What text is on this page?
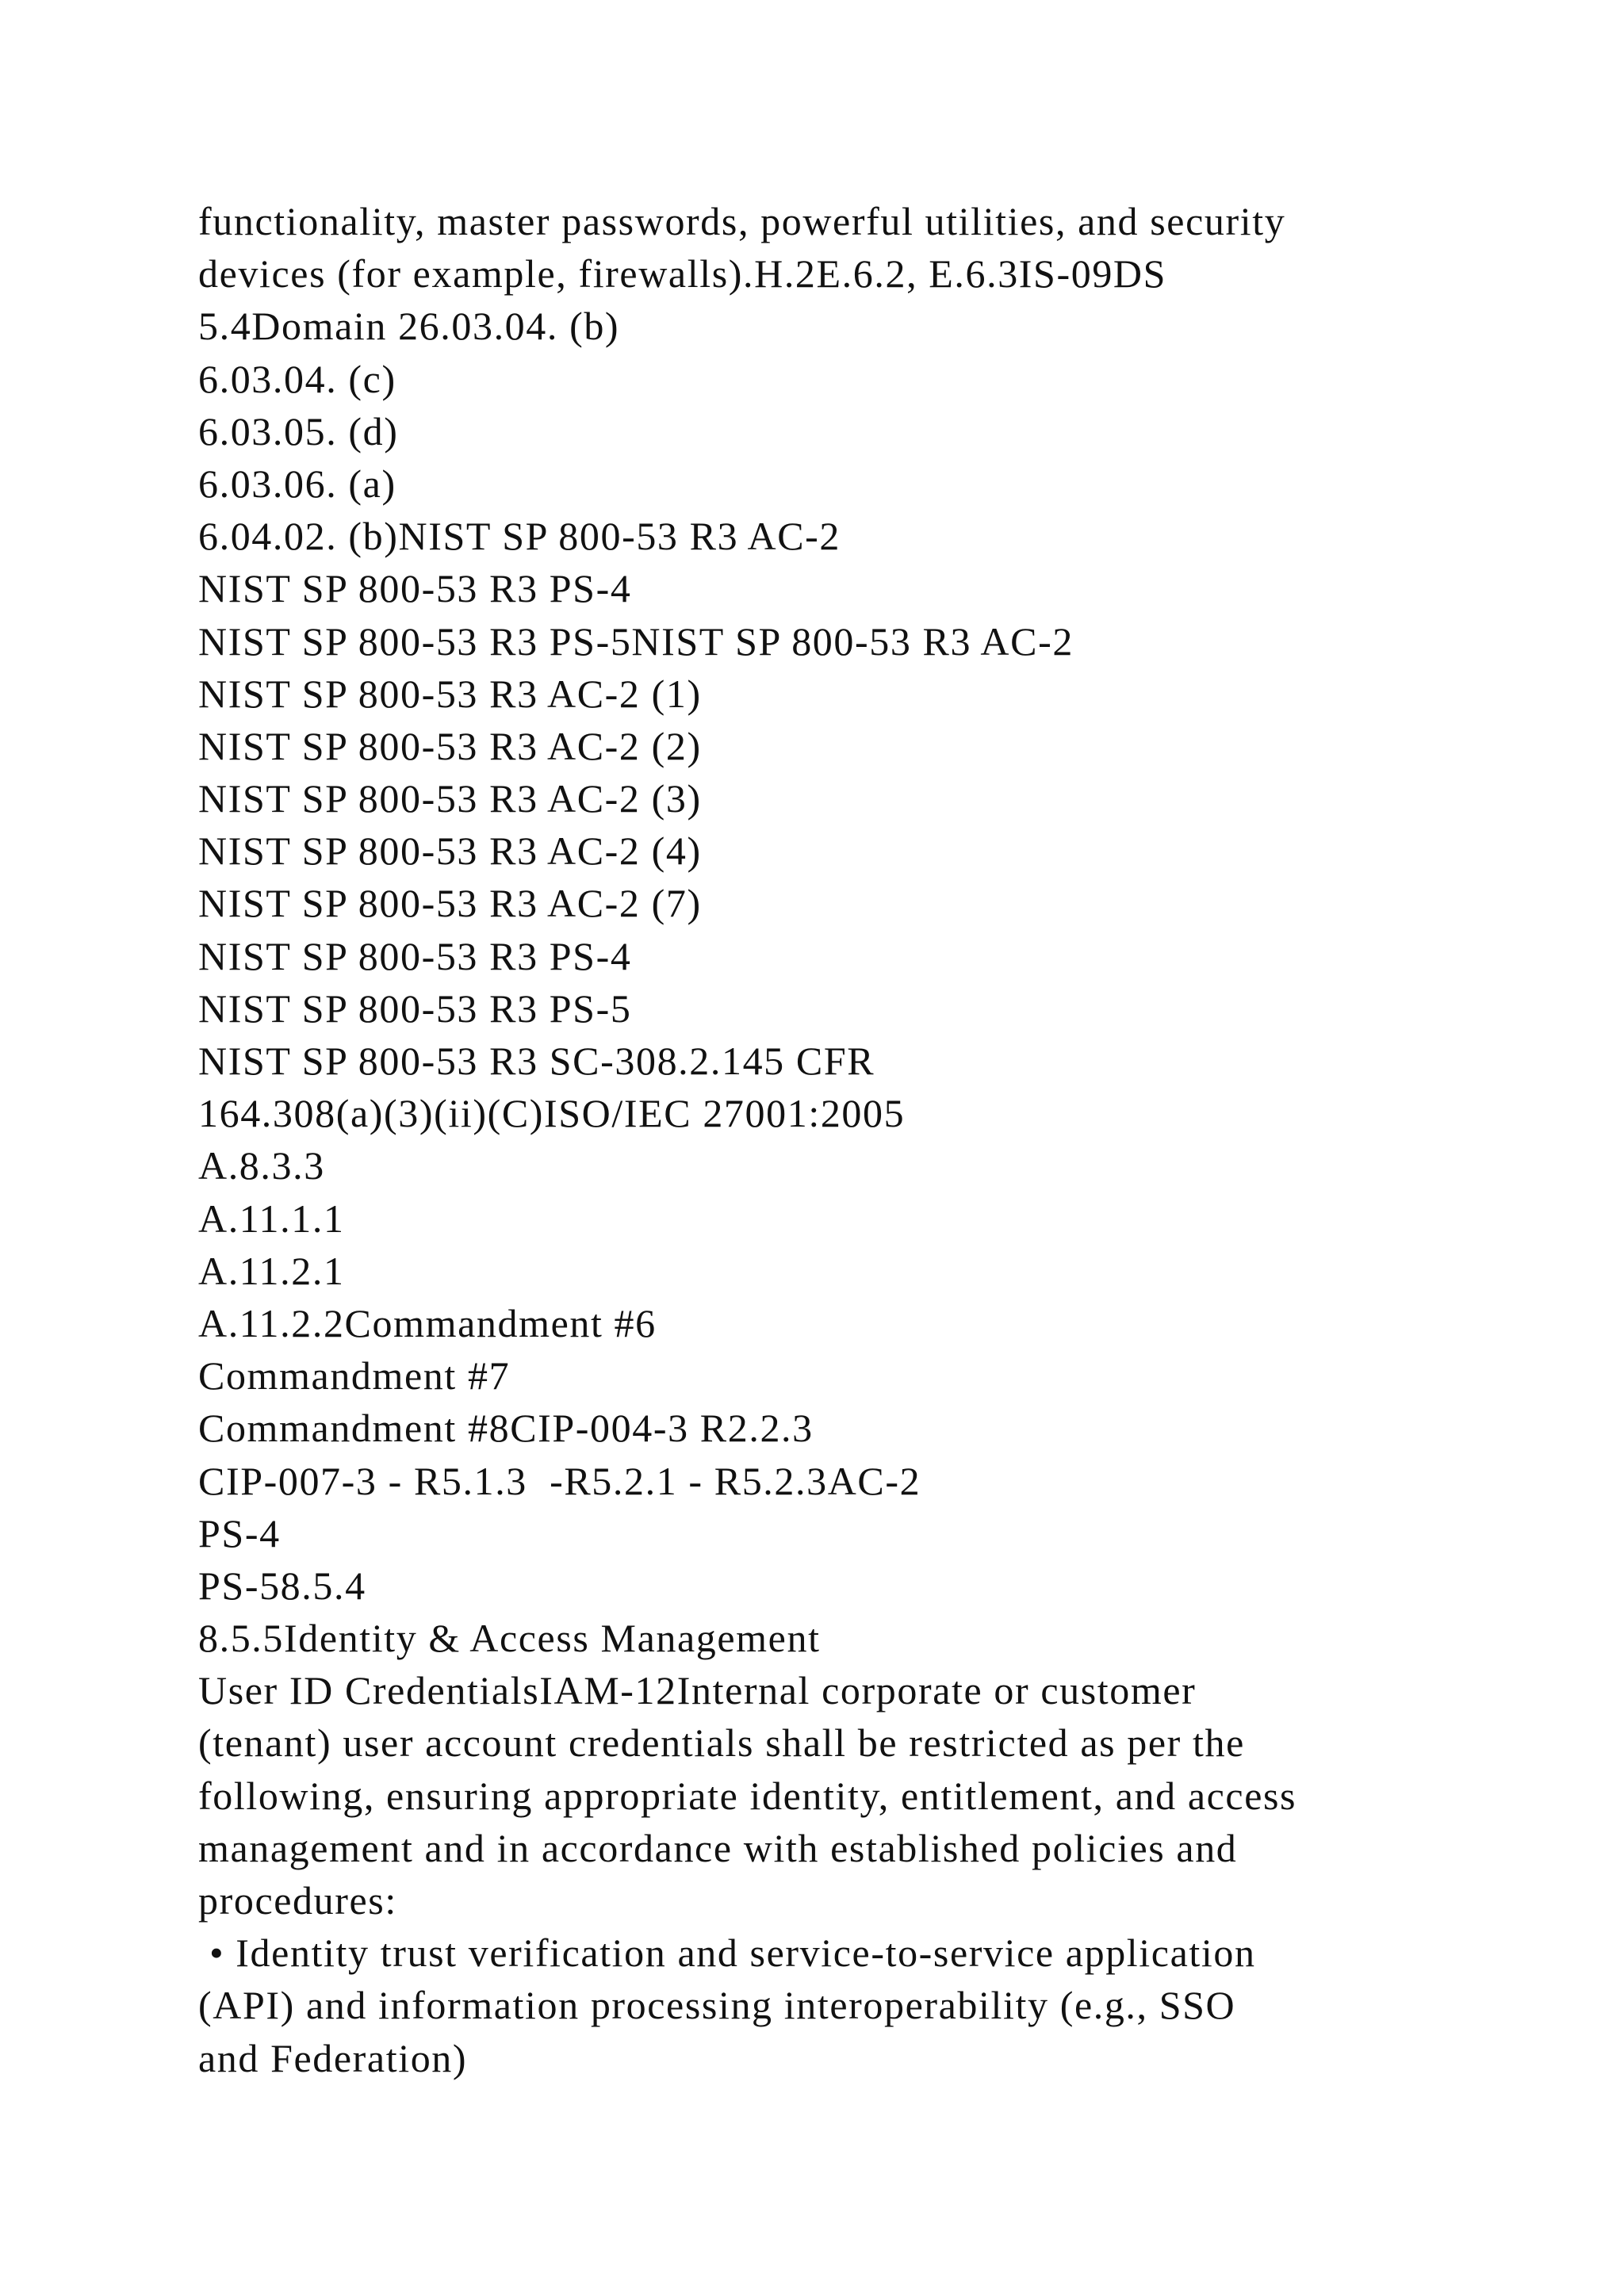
functionality, master passwords, powerful utilities, and security
devices (for example, firewalls).H.2E.6.2, E.6.3IS-09DS
5.4Domain 26.03.04. (b)
6.03.04. (c)
6.03.05. (d)
6.03.06. (a)
6.04.02. (b)NIST SP 800-53 R3 AC-2
NIST SP 800-53 R3 PS-4
NIST SP 800-53 R3 PS-5NIST SP 800-53 R3 AC-2
NIST SP 800-53 R3 AC-2 (1)
NIST SP 800-53 R3 AC-2 (2)
NIST SP 800-53 R3 AC-2 (3)
NIST SP 800-53 R3 AC-2 (4)
NIST SP 800-53 R3 AC-2 (7)
NIST SP 800-53 R3 PS-4
NIST SP 800-53 R3 PS-5
NIST SP 800-53 R3 SC-308.2.145 CFR
164.308(a)(3)(ii)(C)ISO/IEC 27001:2005
A.8.3.3
A.11.1.1
A.11.2.1
A.11.2.2Commandment #6
Commandment #7
Commandment #8CIP-004-3 R2.2.3
CIP-007-3 - R5.1.3  -R5.2.1 - R5.2.3AC-2
PS-4
PS-58.5.4
8.5.5Identity & Access Management
User ID CredentialsIAM-12Internal corporate or customer
(tenant) user account credentials shall be restricted as per the
following, ensuring appropriate identity, entitlement, and access
management and in accordance with established policies and
procedures:
• Identity trust verification and service-to-service application
(API) and information processing interoperability (e.g., SSO
and Federation)
